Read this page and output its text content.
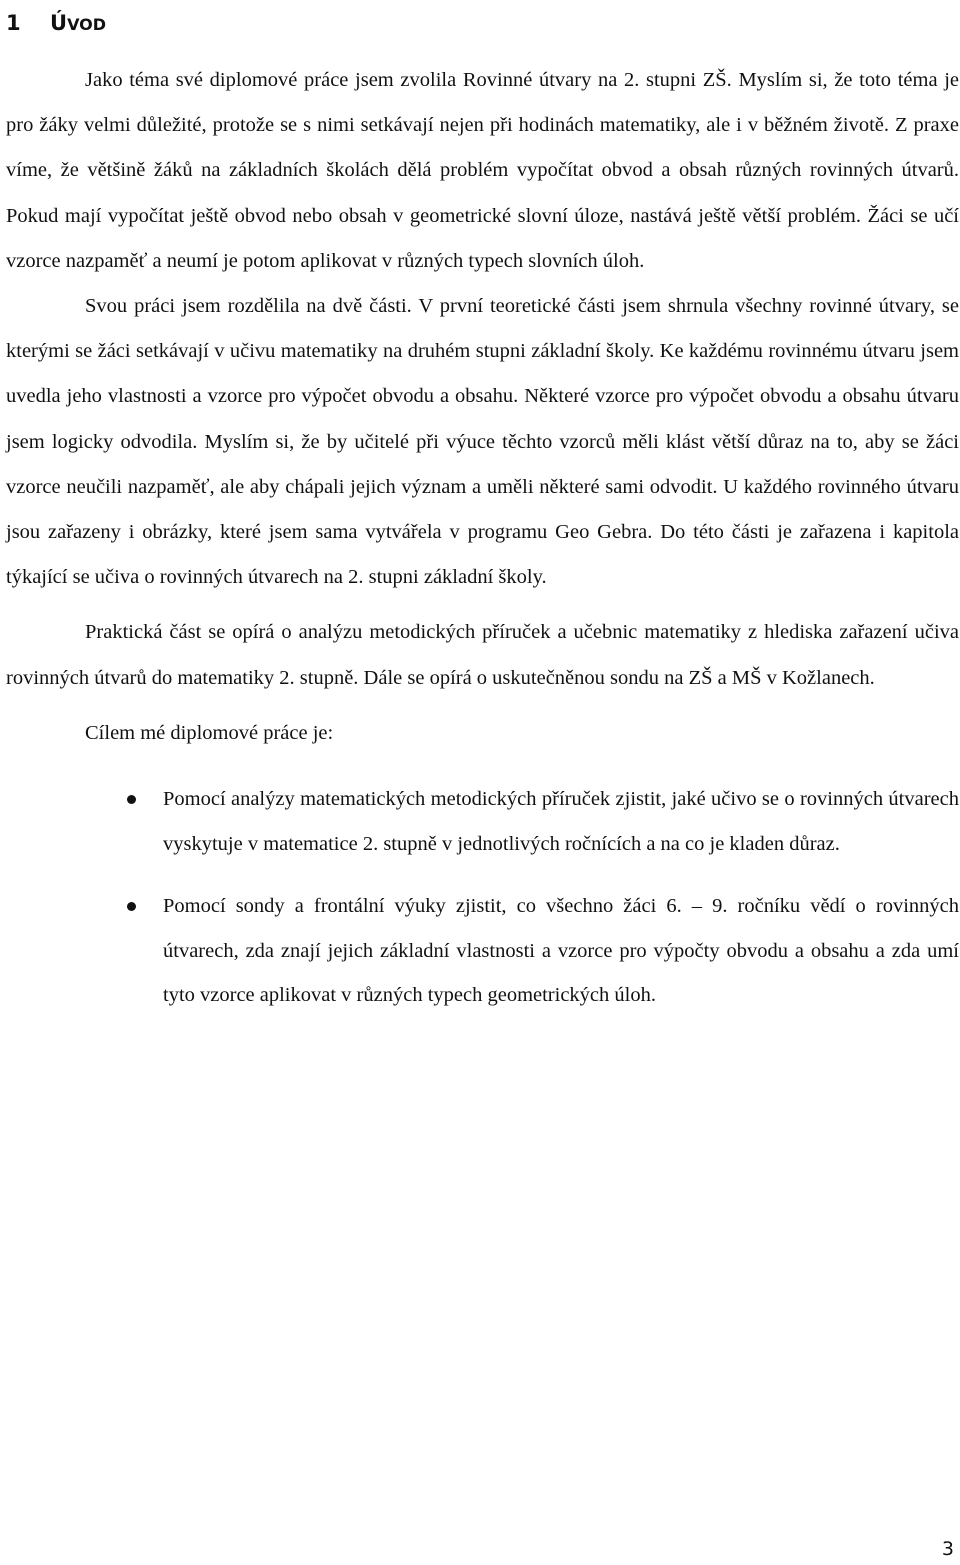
1 ÚVOD

Jako téma své diplomové práce jsem zvolila Rovinné útvary na 2. stupni ZŠ. Myslím si, že toto téma je pro žáky velmi důležité, protože se s nimi setkávají nejen při hodinách matematiky, ale i v běžném životě. Z praxe víme, že většině žáků na základních školách dělá problém vypočítat obvod a obsah různých rovinných útvarů. Pokud mají vypočítat ještě obvod nebo obsah v geometrické slovní úloze, nastává ještě větší problém. Žáci se učí vzorce nazpaměť a neumí je potom aplikovat v různých typech slovních úloh.

Svou práci jsem rozdělila na dvě části. V první teoretické části jsem shrnula všechny rovinné útvary, se kterými se žáci setkávají v učivu matematiky na druhém stupni základní školy. Ke každému rovinnému útvaru jsem uvedla jeho vlastnosti a vzorce pro výpočet obvodu a obsahu. Některé vzorce pro výpočet obvodu a obsahu útvaru jsem logicky odvodila. Myslím si, že by učitelé při výuce těchto vzorců měli klást větší důraz na to, aby se žáci vzorce neučili nazpaměť, ale aby chápali jejich význam a uměli některé sami odvodit. U každého rovinného útvaru jsou zařazeny i obrázky, které jsem sama vytvářela v programu Geo Gebra. Do této části je zařazena i kapitola týkající se učiva o rovinných útvarech na 2. stupni základní školy.

Praktická část se opírá o analýzu metodických příruček a učebnic matematiky z hlediska zařazení učiva rovinných útvarů do matematiky 2. stupně. Dále se opírá o uskutečněnou sondu na ZŠ a MŠ v Kožlanech.

Cílem mé diplomové práce je:

Pomocí analýzy matematických metodických příruček zjistit, jaké učivo se o rovinných útvarech vyskytuje v matematice 2. stupně v jednotlivých ročnících a na co je kladen důraz.
Pomocí sondy a frontální výuky zjistit, co všechno žáci 6. – 9. ročníku vědí o rovinných útvarech, zda znají jejich základní vlastnosti a vzorce pro výpočty obvodu a obsahu a zda umí tyto vzorce aplikovat v různých typech geometrických úloh.
3
